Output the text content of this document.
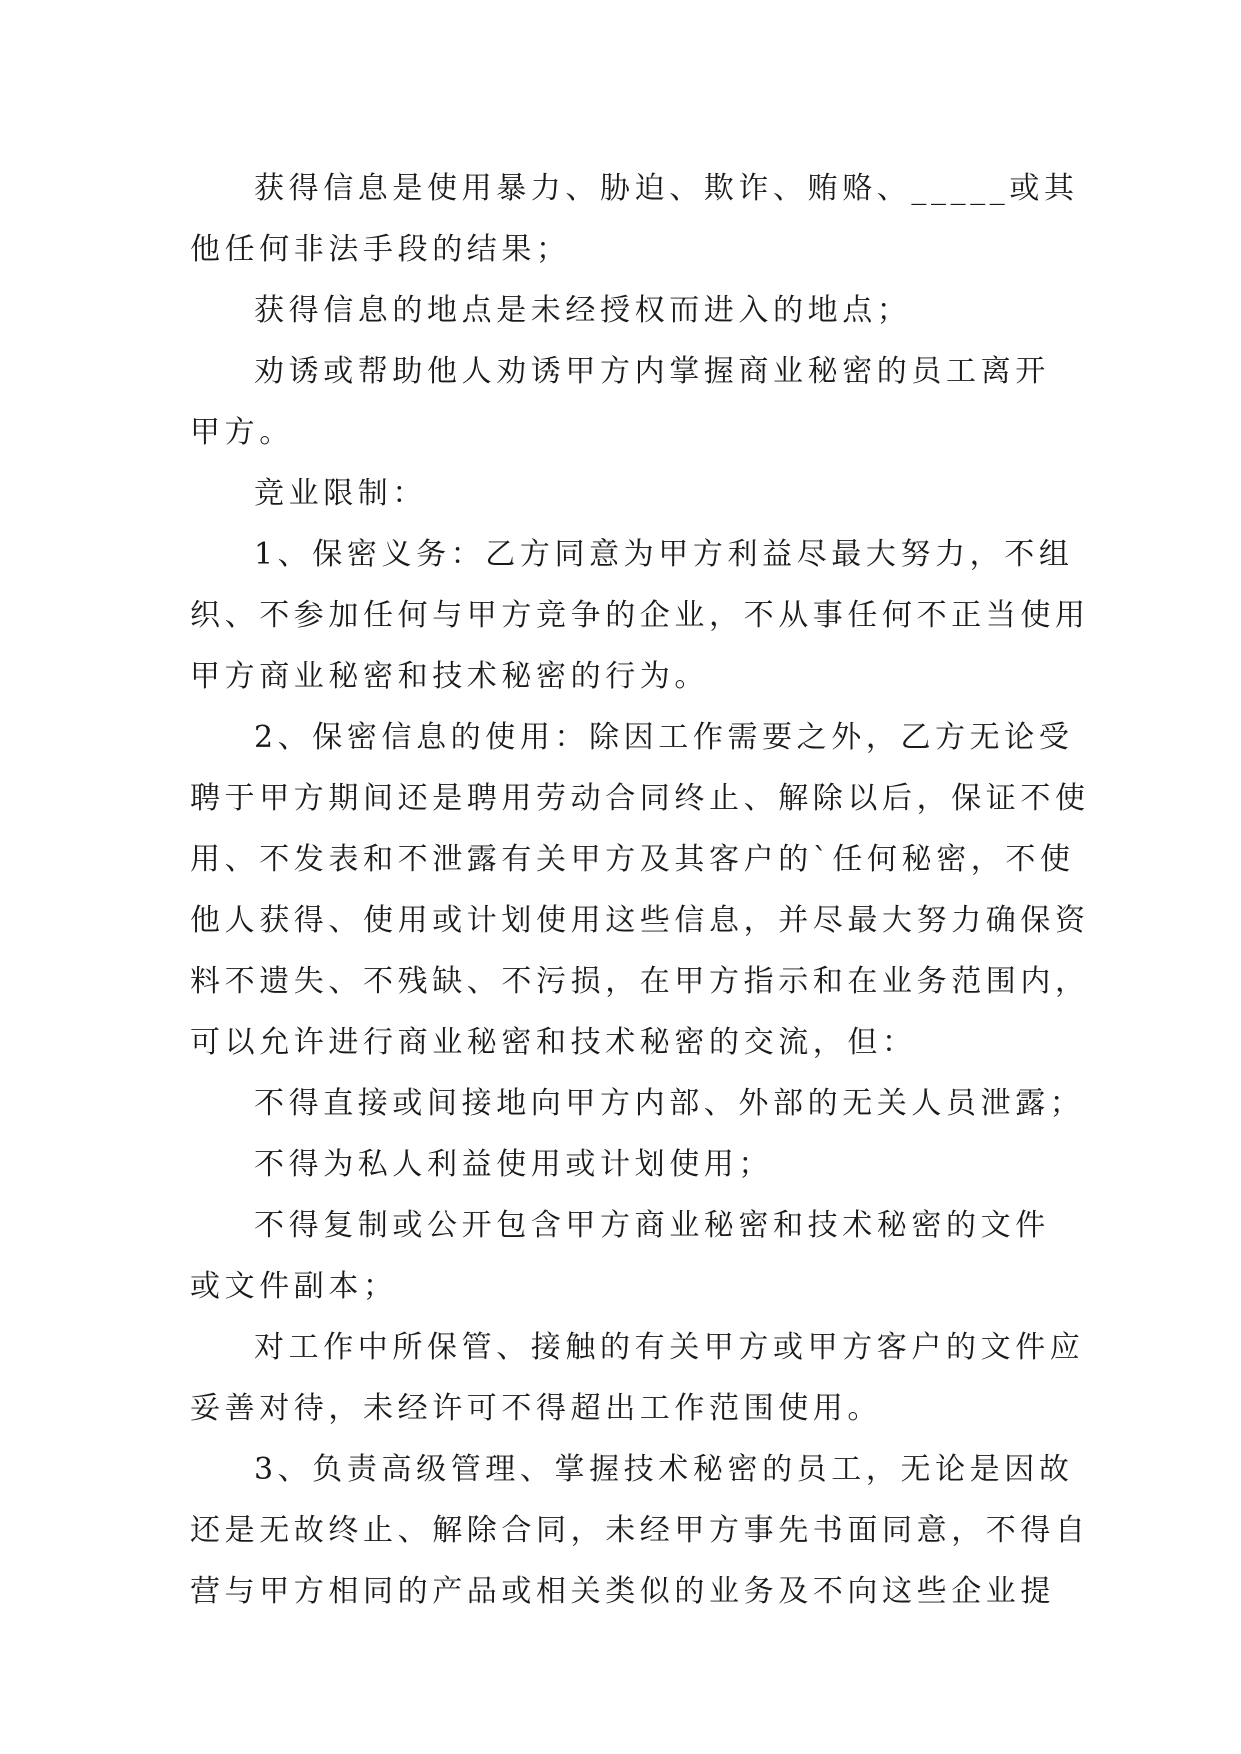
获得信息是使用暴力、胁迫、欺诈、贿赂、_____或其
他任何非法手段的结果；
获得信息的地点是未经授权而进入的地点；
劝诱或帮助他人劝诱甲方内掌握商业秘密的员工离开
甲方。
竞业限制：
1、保密义务：乙方同意为甲方利益尽最大努力，不组
织、不参加任何与甲方竞争的企业，不从事任何不正当使用
甲方商业秘密和技术秘密的行为。
2、保密信息的使用：除因工作需要之外，乙方无论受
聘于甲方期间还是聘用劳动合同终止、解除以后，保证不使
用、不发表和不泄露有关甲方及其客户的`任何秘密，不使
他人获得、使用或计划使用这些信息，并尽最大努力确保资
料不遗失、不残缺、不污损，在甲方指示和在业务范围内，
可以允许进行商业秘密和技术秘密的交流，但：
不得直接或间接地向甲方内部、外部的无关人员泄露；
不得为私人利益使用或计划使用；
不得复制或公开包含甲方商业秘密和技术秘密的文件
或文件副本；
对工作中所保管、接触的有关甲方或甲方客户的文件应
妥善对待，未经许可不得超出工作范围使用。
3、负责高级管理、掌握技术秘密的员工，无论是因故
还是无故终止、解除合同，未经甲方事先书面同意，不得自
营与甲方相同的产品或相关类似的业务及不向这些企业提
